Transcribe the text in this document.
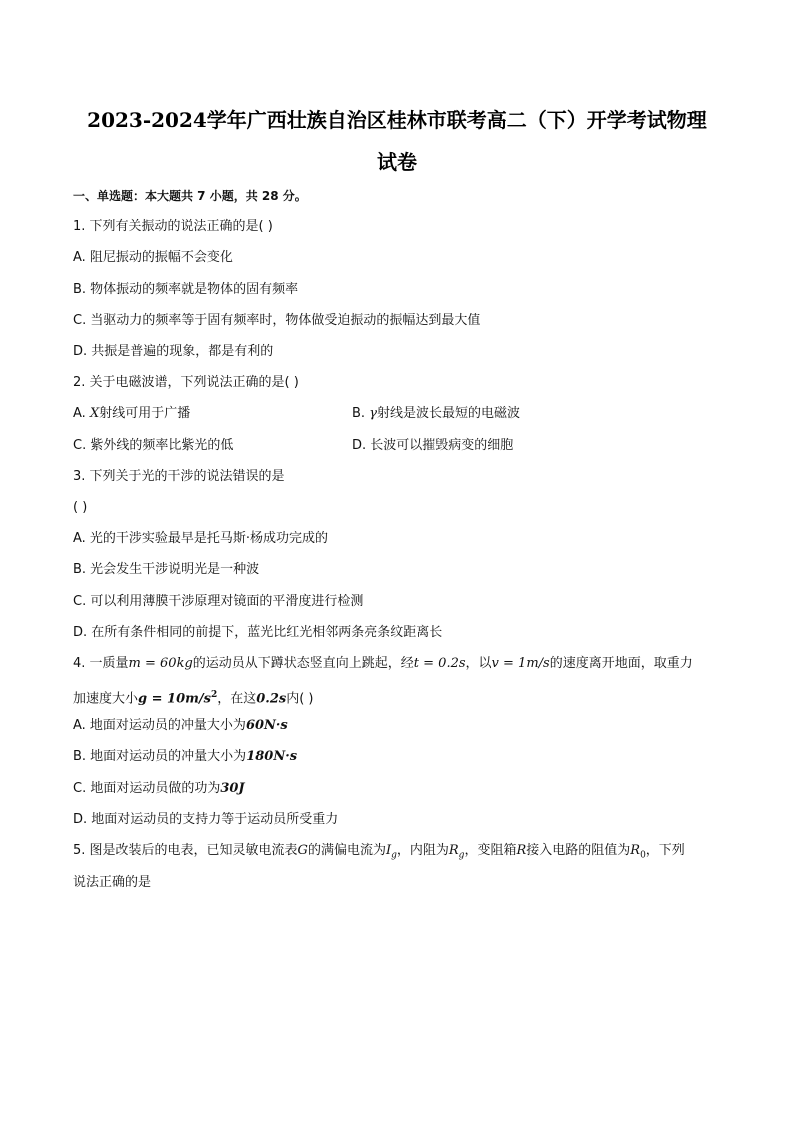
2023-2024学年广西壮族自治区桂林市联考高二（下）开学考试物理
试卷
一、单选题：本大题共 7 小题，共 28 分。
1. 下列有关振动的说法正确的是( )
A. 阻尼振动的振幅不会变化
B. 物体振动的频率就是物体的固有频率
C. 当驱动力的频率等于固有频率时，物体做受迫振动的振幅达到最大值
D. 共振是普遍的现象，都是有利的
2. 关于电磁波谱，下列说法正确的是( )
A. X射线可用于广播	B. γ射线是波长最短的电磁波
C. 紫外线的频率比紫光的低	D. 长波可以摧毁病变的细胞
3. 下列关于光的干涉的说法错误的是
( )
A. 光的干涉实验最早是托马斯·杨成功完成的
B. 光会发生干涉说明光是一种波
C. 可以利用薄膜干涉原理对镜面的平滑度进行检测
D. 在所有条件相同的前提下，蓝光比红光相邻两条亮条纹距离长
4. 一质量m = 60kg的运动员从下蹲状态竖直向上跳起，经t = 0.2s，以v = 1m/s的速度离开地面，取重力
加速度大小$g = 10m/s^2$，在这0.2s内( )
A. 地面对运动员的冲量大小为60N·s
B. 地面对运动员的冲量大小为180N·s
C. 地面对运动员做的功为30J
D. 地面对运动员的支持力等于运动员所受重力
5. 图是改装后的电表，已知灵敏电流表G的满偏电流为$I_g$，内阻为$R_g$，变阻箱R接入电路的阻值为$R_0$，下列
说法正确的是
